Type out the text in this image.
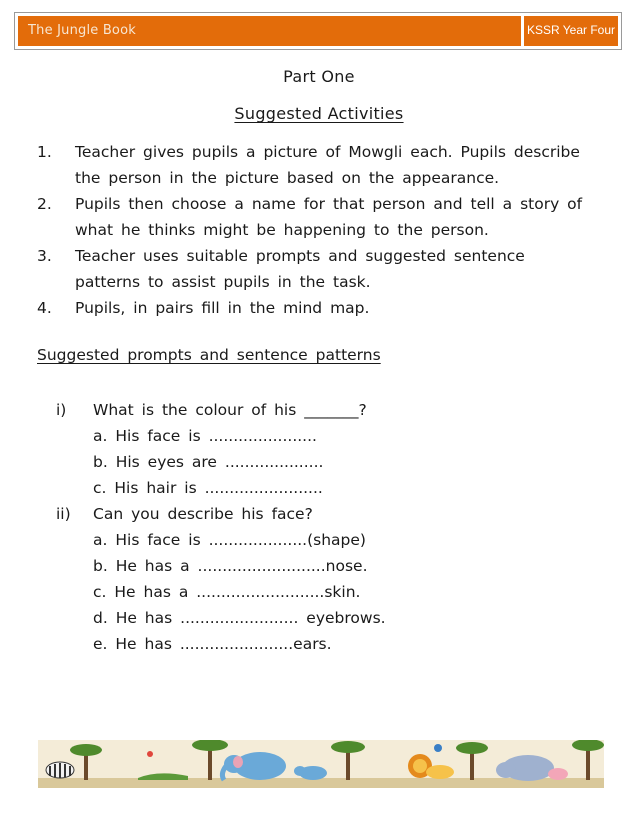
The Jungle Book	KSSR Year Four
Part One
Suggested Activities
1.	Teacher gives pupils a picture of Mowgli each. Pupils describe the person in the picture based on the appearance.
2.	Pupils then choose a name for that person and tell a story of what he thinks might be happening to the person.
3.	Teacher uses suitable prompts and suggested sentence patterns to assist pupils in the task.
4.	Pupils, in pairs fill in the mind map.
Suggested prompts and sentence patterns
i)	What is the colour of his _______?
a. His face is ......................
b. His eyes are ....................
c. His hair is ........................
ii)	Can you describe his face?
a. His face is ....................(shape)
b. He has a ..........................nose.
c. He has a ..........................skin.
d. He has ........................ eyebrows.
e. He has .......................ears.
